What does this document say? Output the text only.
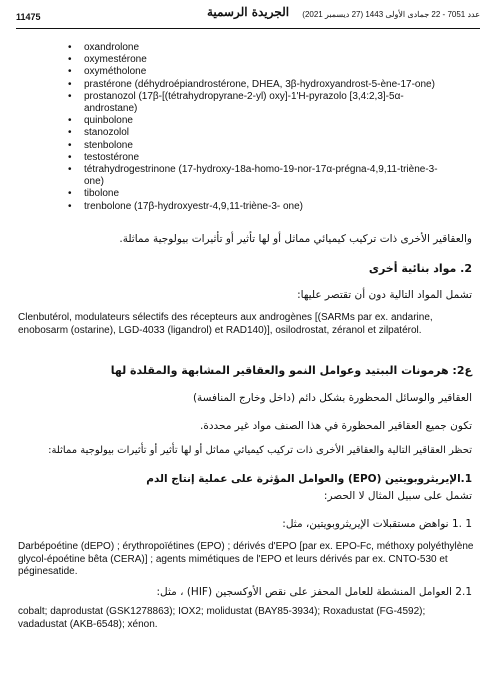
11475	الجريدة الرسمية	عدد 7051 - 22 جمادى الأولى 1443 (27 ديسمبر 2021)
• oxandrolone
• oxymestérone
• oxymétholone
• prastérone (déhydroépiandrostérone, DHEA, 3β-hydroxyandrost-5-ène-17-one)
• prostanozol (17β-[(tétrahydropyrane-2-yl) oxy]-1'H-pyrazolo [3,4:2,3]-5α-androstane)
• quinbolone
• stanozolol
• stenbolone
• testostérone
• tétrahydrogestrinone (17-hydroxy-18a-homo-19-nor-17α-prégna-4,9,11-triène-3-one)
• tibolone
• trenbolone (17β-hydroxyestr-4,9,11-triène-3- one)
والعقاقير الأخرى ذات تركيب كيميائي مماثل أو لها تأثير أو تأثيرات بيولوجية مماثلة.
2. مواد بنائية أخرى
تشمل المواد التالية دون أن تقتصر عليها:
Clenbutérol, modulateurs sélectifs des récepteurs aux androgènes [(SARMs par ex. andarine, enobosarm (ostarine), LGD-4033 (ligandrol) et RAD140)], osilodrostat, zéranol et zilpatérol.
ع2: هرمونات الببتيد وعوامل النمو والعقاقير المشابهة والمقلدة لها
العقاقير والوسائل المحظورة بشكل دائم (داخل وخارج المنافسة)
تكون جميع العقاقير المحظورة في هذا الصنف مواد غير محددة.
تحظر العقاقير التالية والعقاقير الأخرى ذات تركيب كيميائي مماثل أو لها تأثير أو تأثيرات بيولوجية مماثلة:
1.الإيريثروبويتين (EPO) والعوامل المؤثرة على عملية إنتاج الدم
تشمل على سبيل المثال لا الحصر:
1 .1 نواهض مستقبلات الإيريثروبويتين، مثل:
Darbépoétine (dEPO) ; érythropoïétines (EPO) ; dérivés d'EPO [par ex. EPO-Fc, méthoxy polyéthylène glycol-époétine bêta (CERA)] ; agents mimétiques de l'EPO et leurs dérivés par ex. CNTO-530 et péginesatide.
2.1 العوامل المنشطة للعامل المحفز على نقص الأوكسجين (HIF) ، مثل:
cobalt; daprodustat (GSK1278863); IOX2; molidustat (BAY85-3934); Roxadustat (FG-4592); vadadustat (AKB-6548); xénon.
